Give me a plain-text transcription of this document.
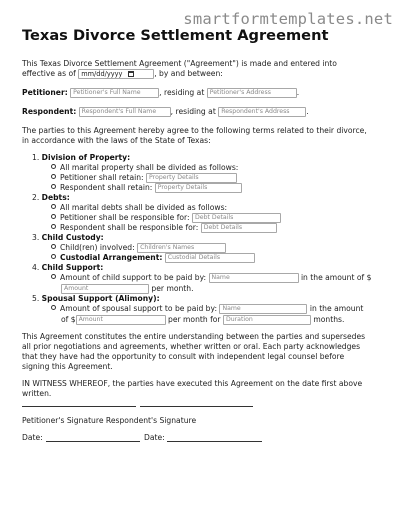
smartformtemplates.net
Texas Divorce Settlement Agreement
This Texas Divorce Settlement Agreement ("Agreement") is made and entered into
effective as of mm/dd/yyyy	, by and between:
Petitioner: Petitioner's Full Name , residing at Petitioner's Address	.
Respondent: Respondent's Full Name , residing at Respondent's Address .
The parties to this Agreement hereby agree to the following terms related to their divorce,
in accordance with the laws of the State of Texas:
1. Division of Property:
All marital property shall be divided as follows:
Petitioner shall retain: Property Details
Respondent shall retain: Property Details
2. Debts:
All marital debts shall be divided as follows:
Petitioner shall be responsible for: Debt Details
Respondent shall be responsible for: Debt Details
3. Child Custody:
Child(ren) involved: Children's Names
Custodial Arrangement: Custodial Details
4. Child Support:
Amount of child support to be paid by: Name	in the amount of $
Amount	per month.
5. Spousal Support (Alimony):
Amount of spousal support to be paid by: Name	in the amount
of $ Amount	per month for Duration	months.
This Agreement constitutes the entire understanding between the parties and supersedes
all prior negotiations and agreements, whether written or oral. Each party acknowledges
that they have had the opportunity to consult with independent legal counsel before
signing this Agreement.
IN WITNESS WHEREOF, the parties have executed this Agreement on the date first above
written.
Petitioner's Signature Respondent's Signature
Date:	Date:
